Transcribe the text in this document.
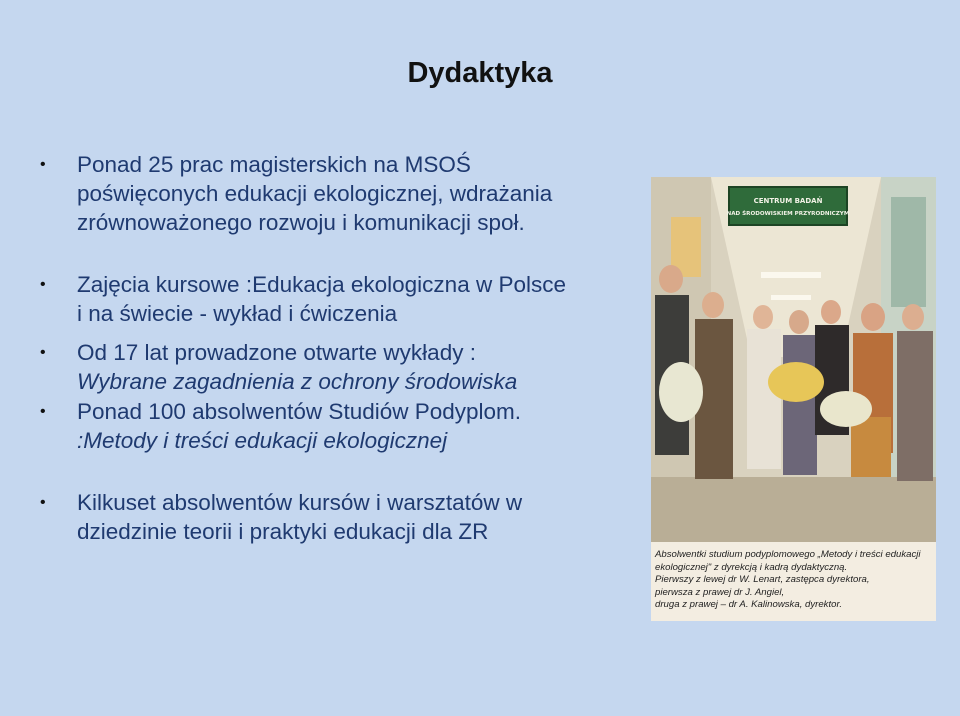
Dydaktyka
•	Ponad 25 prac magisterskich na MSOŚ
poświęconych edukacji ekologicznej, wdrażania
zrównoważonego rozwoju i komunikacji społ.
•	Zajęcia kursowe :Edukacja ekologiczna w Polsce
i na świecie - wykład i ćwiczenia
•	Od 17 lat prowadzone otwarte wykłady :
Wybrane zagadnienia z ochrony środowiska
•	Ponad 100 absolwentów Studiów Podyplom.
:Metody i treści edukacji ekologicznej
•	Kilkuset absolwentów kursów i warsztatów w
dziedzinie teorii i praktyki edukacji dla ZR
CENTRUM BADAŃ
NAD ŚRODOWISKIEM PRZYRODNICZYM
Absolwentki studium podyplomowego „Metody i treści edukacji
ekologicznej" z dyrekcją i kadrą dydaktyczną.
Pierwszy z lewej dr W. Lenart, zastępca dyrektora,
pierwsza z prawej dr J. Angiel,
druga z prawej – dr A. Kalinowska, dyrektor.
